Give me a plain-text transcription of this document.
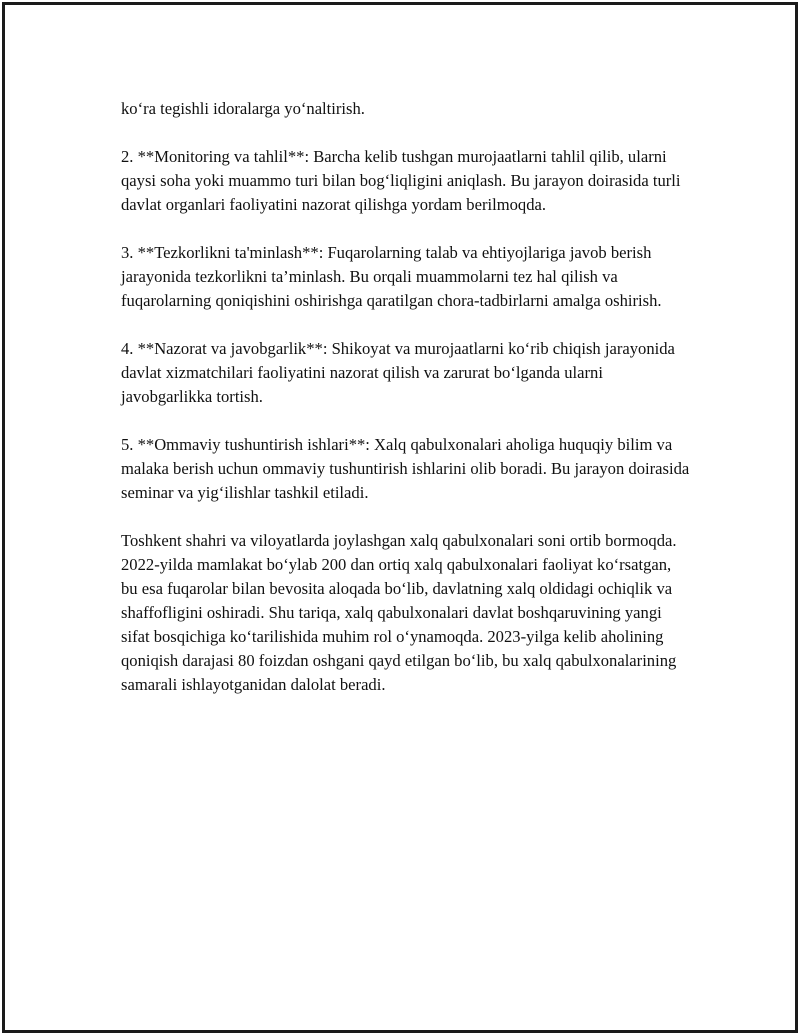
ko‘ra tegishli idoralarga yo‘naltirish.

2. **Monitoring va tahlil**: Barcha kelib tushgan murojaatlarni tahlil qilib, ularni qaysi soha yoki muammo turi bilan bog‘liqligini aniqlash. Bu jarayon doirasida turli davlat organlari faoliyatini nazorat qilishga yordam berilmoqda.

3. **Tezkorlikni ta'minlash**: Fuqarolarning talab va ehtiyojlariga javob berish jarayonida tezkorlikni ta’minlash. Bu orqali muammolarni tez hal qilish va fuqarolarning qoniqishini oshirishga qaratilgan chora-tadbirlarni amalga oshirish.

4. **Nazorat va javobgarlik**: Shikoyat va murojaatlarni ko‘rib chiqish jarayonida davlat xizmatchilari faoliyatini nazorat qilish va zarurat bo‘lganda ularni javobgarlikka tortish.

5. **Ommaviy tushuntirish ishlari**: Xalq qabulxonalari aholiga huquqiy bilim va malaka berish uchun ommaviy tushuntirish ishlarini olib boradi. Bu jarayon doirasida seminar va yig‘ilishlar tashkil etiladi.

Toshkent shahri va viloyatlarda joylashgan xalq qabulxonalari soni ortib bormoqda. 2022-yilda mamlakat bo‘ylab 200 dan ortiq xalq qabulxonalari faoliyat ko‘rsatgan, bu esa fuqarolar bilan bevosita aloqada bo‘lib, davlatning xalq oldidagi ochiqlik va shaffofligini oshiradi. Shu tariqa, xalq qabulxonalari davlat boshqaruvining yangi sifat bosqichiga ko‘tarilishida muhim rol o‘ynamoqda. 2023-yilga kelib aholining qoniqish darajasi 80 foizdan oshgani qayd etilgan bo‘lib, bu xalq qabulxonalarining samarali ishlayotganidan dalolat beradi.
